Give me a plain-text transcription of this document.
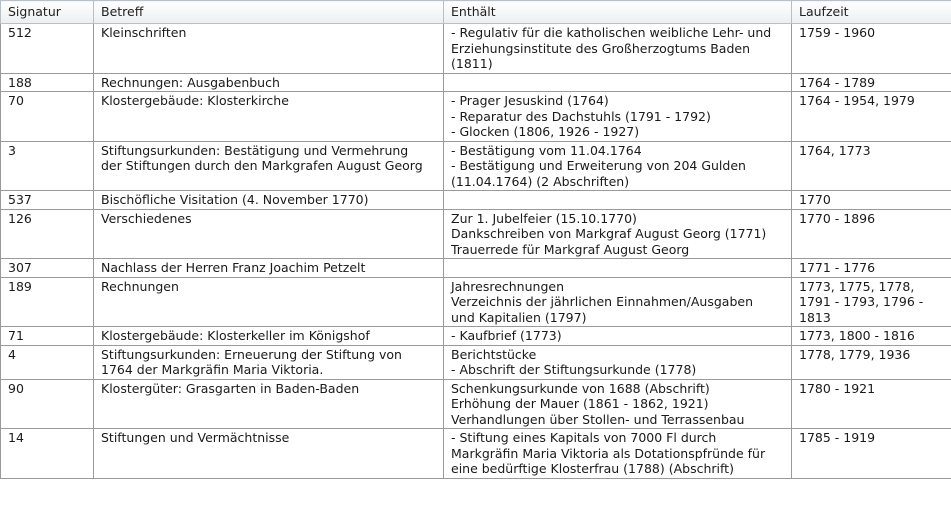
Signatur	Betreff	Enthält	Laufzeit
512	Kleinschriften	- Regulativ für die katholischen weibliche Lehr- und
Erziehungsinstitute des Großherzogtums Baden
(1811)	1759 - 1960

188	Rechnungen: Ausgabenbuch		1764 - 1789

70	Klostergebäude: Klosterkirche	- Prager Jesuskind (1764)
- Reparatur des Dachstuhls (1791 - 1792)
- Glocken (1806, 1926 - 1927)	1764 - 1954, 1979

3	Stiftungsurkunden: Bestätigung und Vermehrung
der Stiftungen durch den Markgrafen August Georg	- Bestätigung vom 11.04.1764
- Bestätigung und Erweiterung von 204 Gulden
(11.04.1764) (2 Abschriften)	1764, 1773

537	Bischöfliche Visitation (4. November 1770)		1770

126	Verschiedenes	Zur 1. Jubelfeier (15.10.1770)
Dankschreiben von Markgraf August Georg (1771)
Trauerrede für Markgraf August Georg	1770 - 1896

307	Nachlass der Herren Franz Joachim Petzelt		1771 - 1776

189	Rechnungen	Jahresrechnungen
Verzeichnis der jährlichen Einnahmen/Ausgaben
und Kapitalien (1797)	1773, 1775, 1778,
1791 - 1793, 1796 -
1813

71	Klostergebäude: Klosterkeller im Königshof	- Kaufbrief (1773)	1773, 1800 - 1816

4	Stiftungsurkunden: Erneuerung der Stiftung von
1764 der Markgräfin Maria Viktoria.	Berichtstücke
- Abschrift der Stiftungsurkunde (1778)	1778, 1779, 1936

90	Klostergüter: Grasgarten in Baden-Baden	Schenkungsurkunde von 1688 (Abschrift)
Erhöhung der Mauer (1861 - 1862, 1921)
Verhandlungen über Stollen- und Terrassenbau	1780 - 1921

14	Stiftungen und Vermächtnisse	- Stiftung eines Kapitals von 7000 Fl durch
Markgräfin Maria Viktoria als Dotationspfründe für
eine bedürftige Klosterfrau (1788) (Abschrift)	1785 - 1919
